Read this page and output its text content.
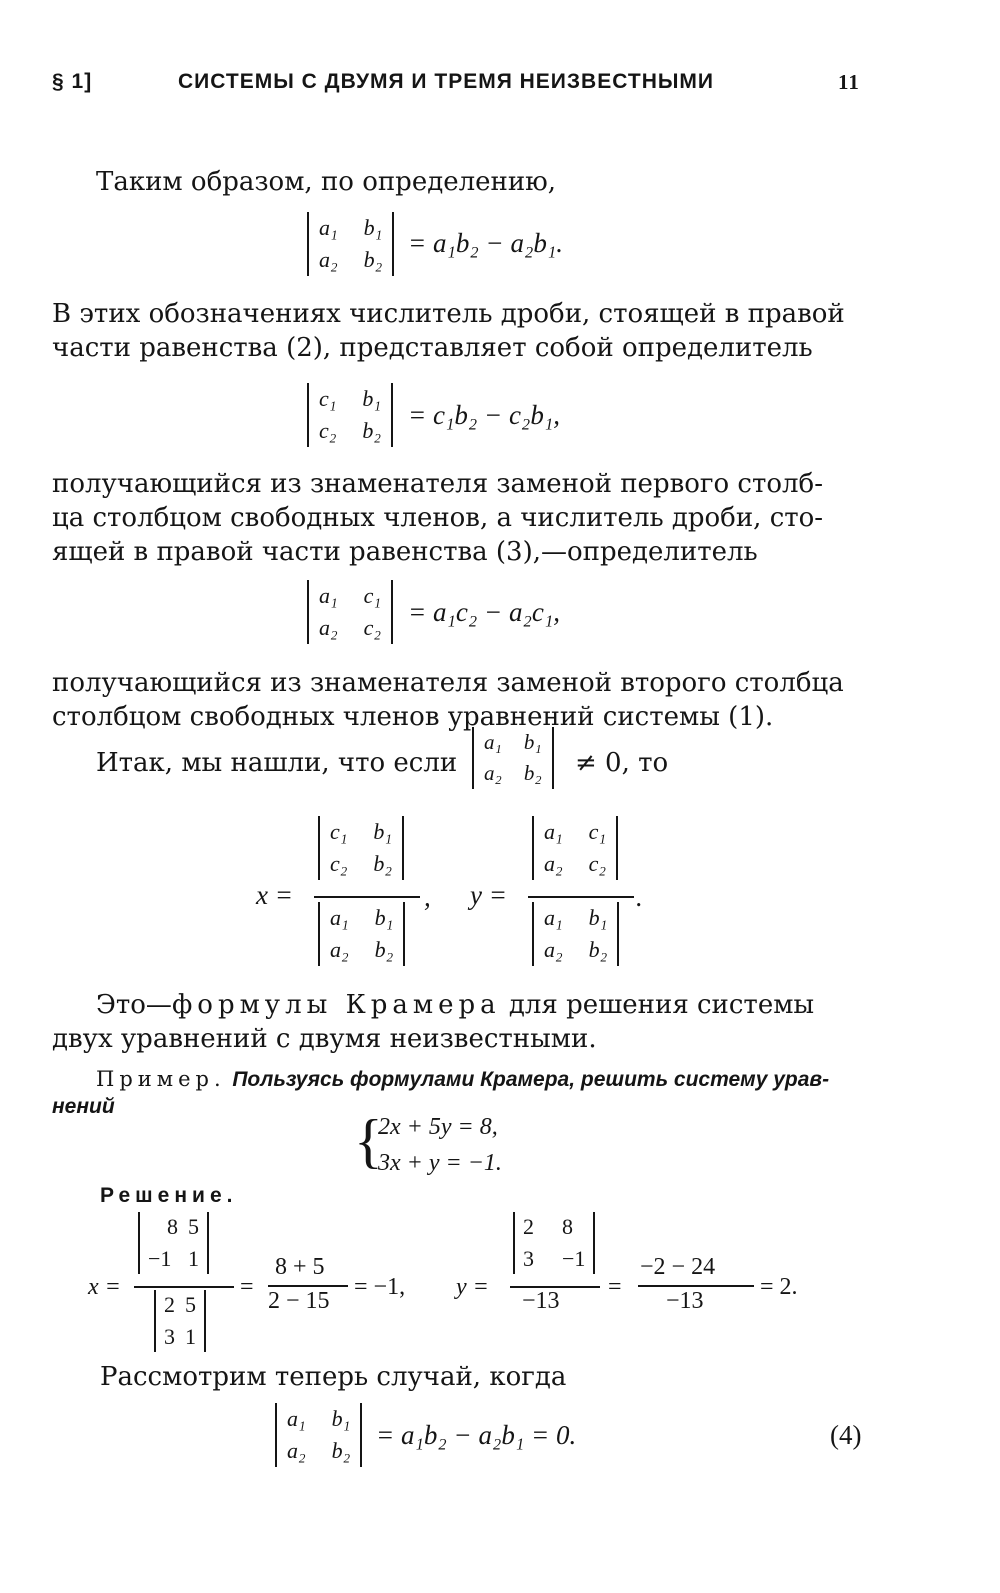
§ 1]	СИСТЕМЫ С ДВУМЯ И ТРЕМЯ НЕИЗВЕСТНЫМИ	11
Таким образом, по определению,
a₁ b₁
a₂ b₂
= a₁b₂ − a₂b₁.
В этих обозначениях числитель дроби, стоящей в правой
части равенства (2), представляет собой определитель
c₁ b₁
c₂ b₂
= c₁b₂ − c₂b₁,
получающийся из знаменателя заменой первого столб-
ца столбцом свободных членов, а числитель дроби, сто-
ящей в правой части равенства (3),—определитель
a₁ c₁
a₂ c₂
= a₁c₂ − a₂c₁,
получающийся из знаменателя заменой второго столбца
столбцом свободных членов уравнений системы (1).
Итак, мы нашли, что если
a₁ b₁
a₂ b₂ ≠ 0, то
x =
c₁ b₁
c₂ b₂
a₁ b₁
a₂ b₂
, y =
a₁ c₁
a₂ c₂
a₁ b₁
a₂ b₂
.
Это—формулы Крамера для решения системы
двух уравнений с двумя неизвестными.
Пример. Пользуясь формулами Крамера, решить систему урав-
нений
{
2x + 5y = 8,
3x + y = −1.
Решение.
x =
8 5
−1 1
2 5
3 1
=
8 + 5
2 − 15
= −1, y =
2 8
3 −1
−13
=
−2 − 24
−13
= 2.
Рассмотрим теперь случай, когда
a₁ b₁
a₂ b₂
= a₁b₂ − a₂b₁ = 0.	(4)
